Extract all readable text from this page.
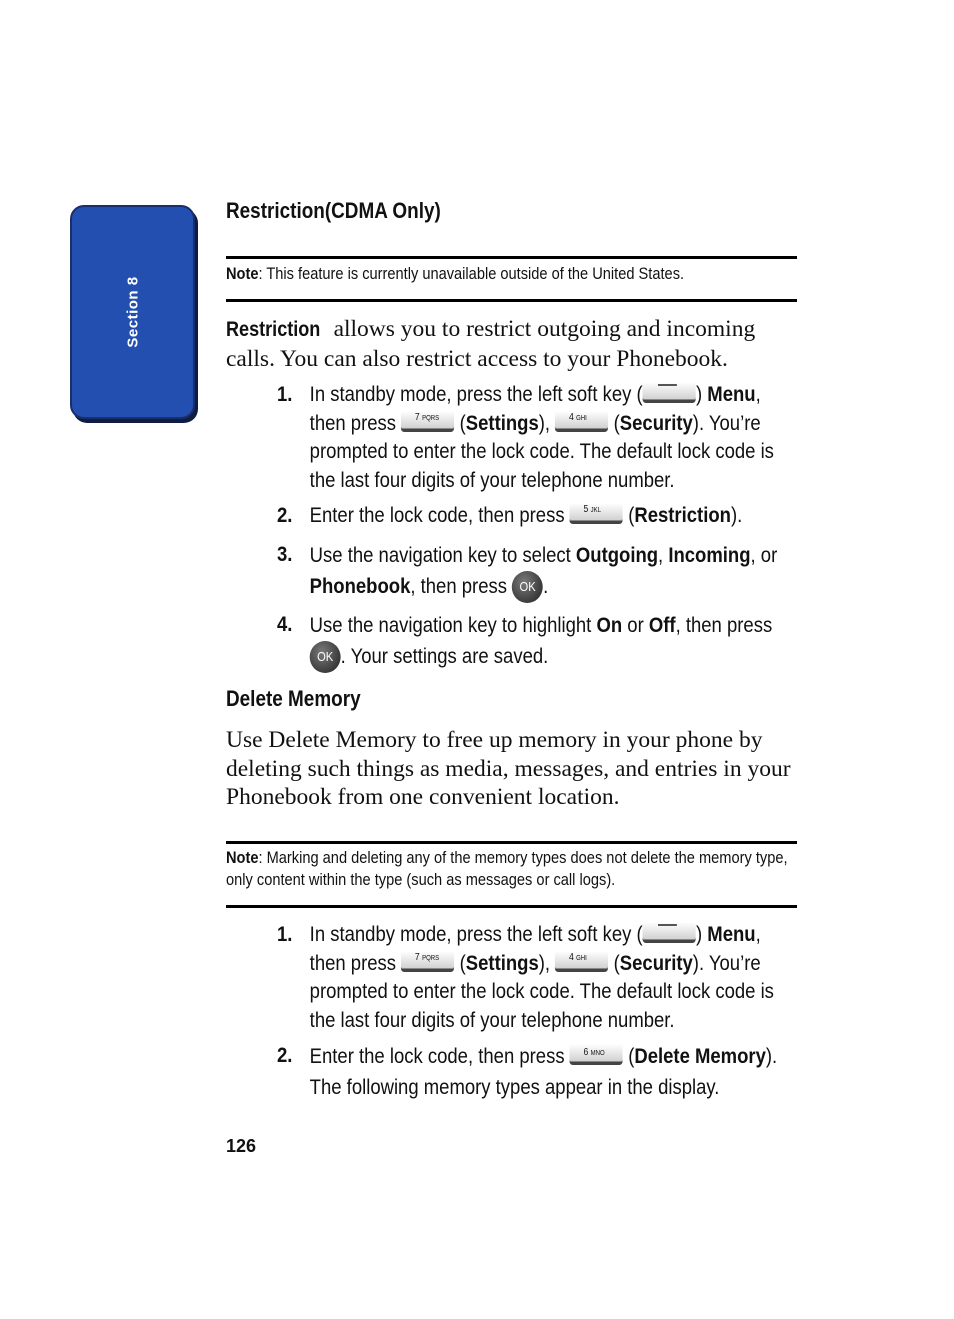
Section 8
Restriction(CDMA Only)
Note: This feature is currently unavailable outside of the United States.
Restriction allows you to restrict outgoing and incoming calls. You can also restrict access to your Phonebook.
1. In standby mode, press the left soft key ( ) Menu,
then press 7 PQRS (Settings), 4 GHI (Security). You’re prompted to enter the lock code. The default lock code is the last four digits of your telephone number.
2. Enter the lock code, then press 5 JKL (Restriction).
3. Use the navigation key to select Outgoing, Incoming, or
Phonebook, then press OK .
4. Use the navigation key to highlight On or Off, then press
OK . Your settings are saved.
Delete Memory
Use Delete Memory to free up memory in your phone by deleting such things as media, messages, and entries in your Phonebook from one convenient location.
Note: Marking and deleting any of the memory types does not delete the memory type, only content within the type (such as messages or call logs).
1. In standby mode, press the left soft key ( ) Menu,
then press 7 PQRS (Settings), 4 GHI (Security). You’re prompted to enter the lock code. The default lock code is the last four digits of your telephone number.
2. Enter the lock code, then press 6 MNO (Delete Memory).
The following memory types appear in the display.
126
